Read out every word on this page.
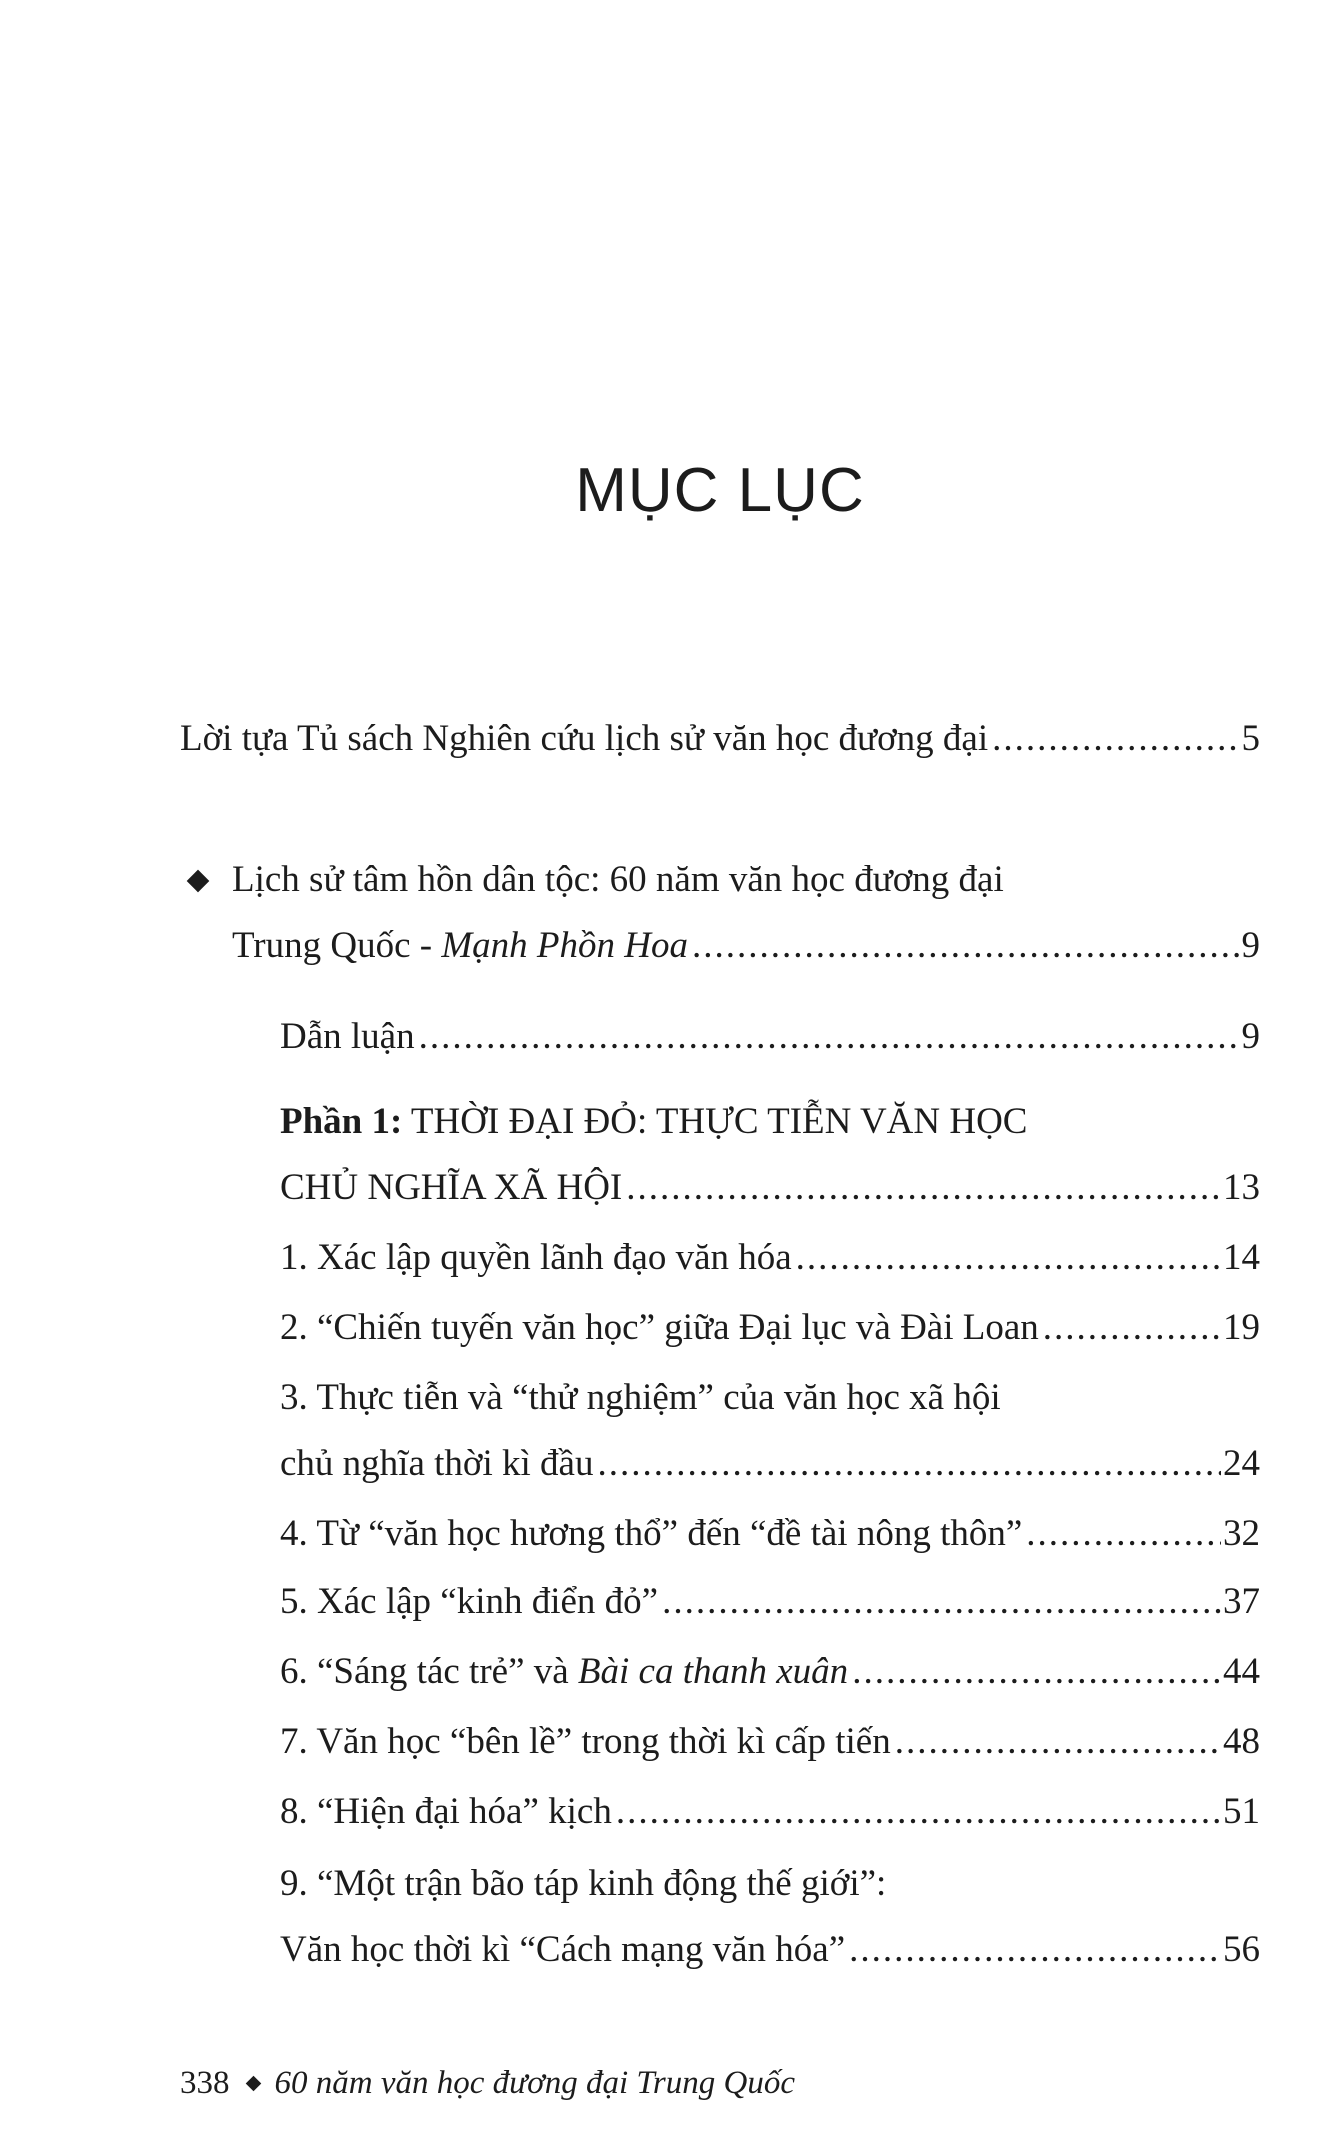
MỤC LỤC
Lời tựa Tủ sách Nghiên cứu lịch sử văn học đương đại .....	5
Lịch sử tâm hồn dân tộc: 60 năm văn học đương đại
Trung Quốc - Mạnh Phồn Hoa .....	9
Dẫn luận .....	9
Phần 1: THỜI ĐẠI ĐỎ: THỰC TIỄN VĂN HỌC
CHỦ NGHĨA XÃ HỘI .....	13
1. Xác lập quyền lãnh đạo văn hóa .....	14
2. “Chiến tuyến văn học” giữa Đại lục và Đài Loan .....	19
3. Thực tiễn và “thử nghiệm” của văn học xã hội
chủ nghĩa thời kì đầu .....	24
4. Từ “văn học hương thổ” đến “đề tài nông thôn” .....	32
5. Xác lập “kinh điển đỏ” .....	37
6. “Sáng tác trẻ” và Bài ca thanh xuân .....	44
7. Văn học “bên lề” trong thời kì cấp tiến .....	48
8. “Hiện đại hóa” kịch .....	51
9. “Một trận bão táp kinh động thế giới”:
Văn học thời kì “Cách mạng văn hóa” .....	56
338 60 năm văn học đương đại Trung Quốc
